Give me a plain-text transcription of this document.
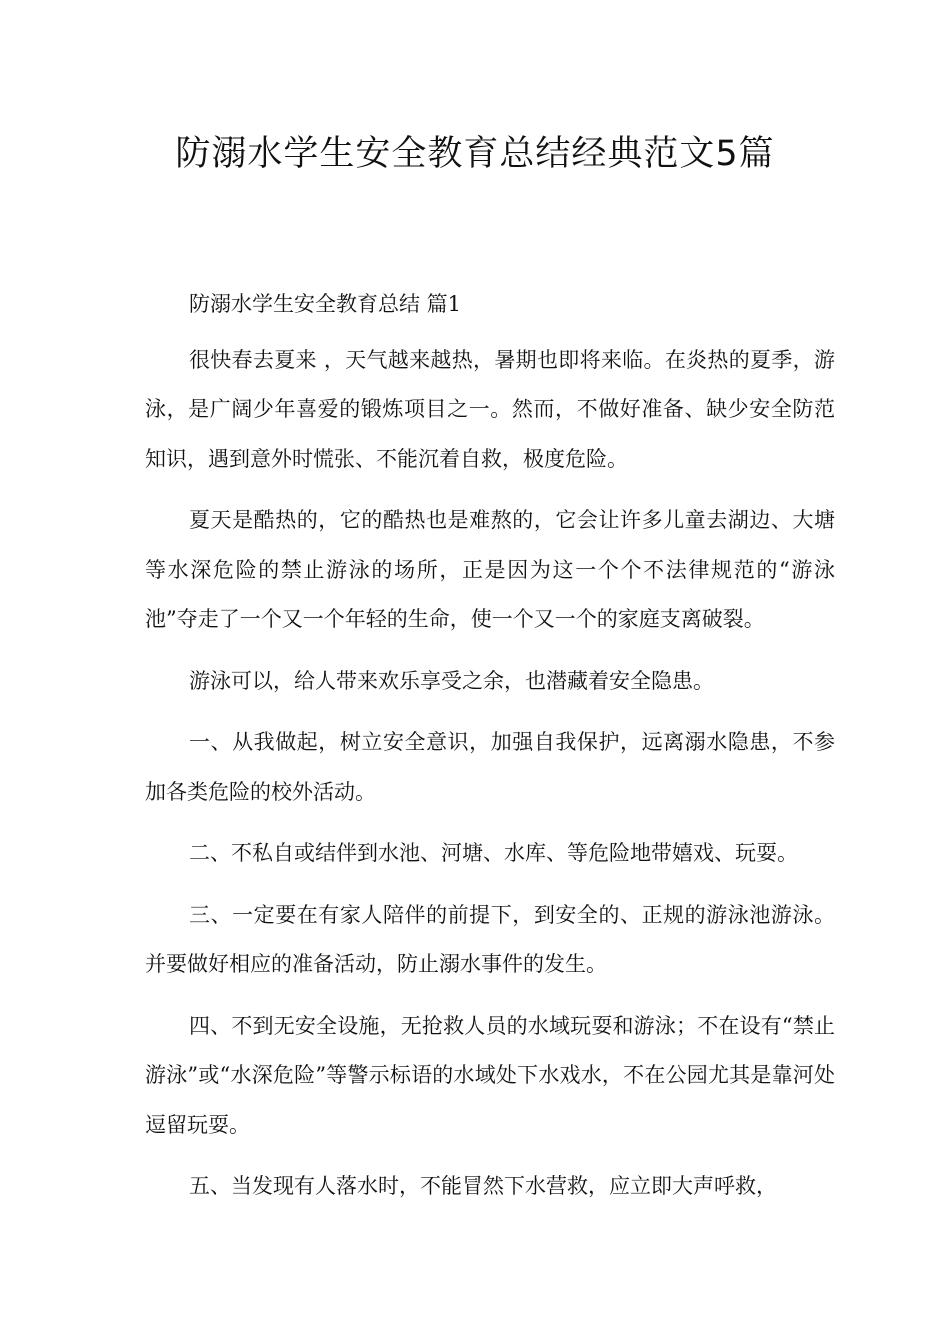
防溺水学生安全教育总结经典范文5篇

防溺水学生安全教育总结 篇1

很快春去夏来 ，天气越来越热，暑期也即将来临。在炎热的夏季，游泳，是广阔少年喜爱的锻炼项目之一。然而，不做好准备、缺少安全防范知识，遇到意外时慌张、不能沉着自救，极度危险。

夏天是酷热的，它的酷热也是难熬的，它会让许多儿童去湖边、大塘等水深危险的禁止游泳的场所，正是因为这一个个不法律规范的“游泳池”夺走了一个又一个年轻的生命，使一个又一个的家庭支离破裂。

游泳可以，给人带来欢乐享受之余，也潜藏着安全隐患。

一、从我做起，树立安全意识，加强自我保护，远离溺水隐患，不参加各类危险的校外活动。

二、不私自或结伴到水池、河塘、水库、等危险地带嬉戏、玩耍。

三、一定要在有家人陪伴的前提下，到安全的、正规的游泳池游泳。并要做好相应的准备活动，防止溺水事件的发生。

四、不到无安全设施，无抢救人员的水域玩耍和游泳；不在设有“禁止游泳”或“水深危险”等警示标语的水域处下水戏水，不在公园尤其是靠河处逗留玩耍。

五、当发现有人落水时，不能冒然下水营救，应立即大声呼救，
